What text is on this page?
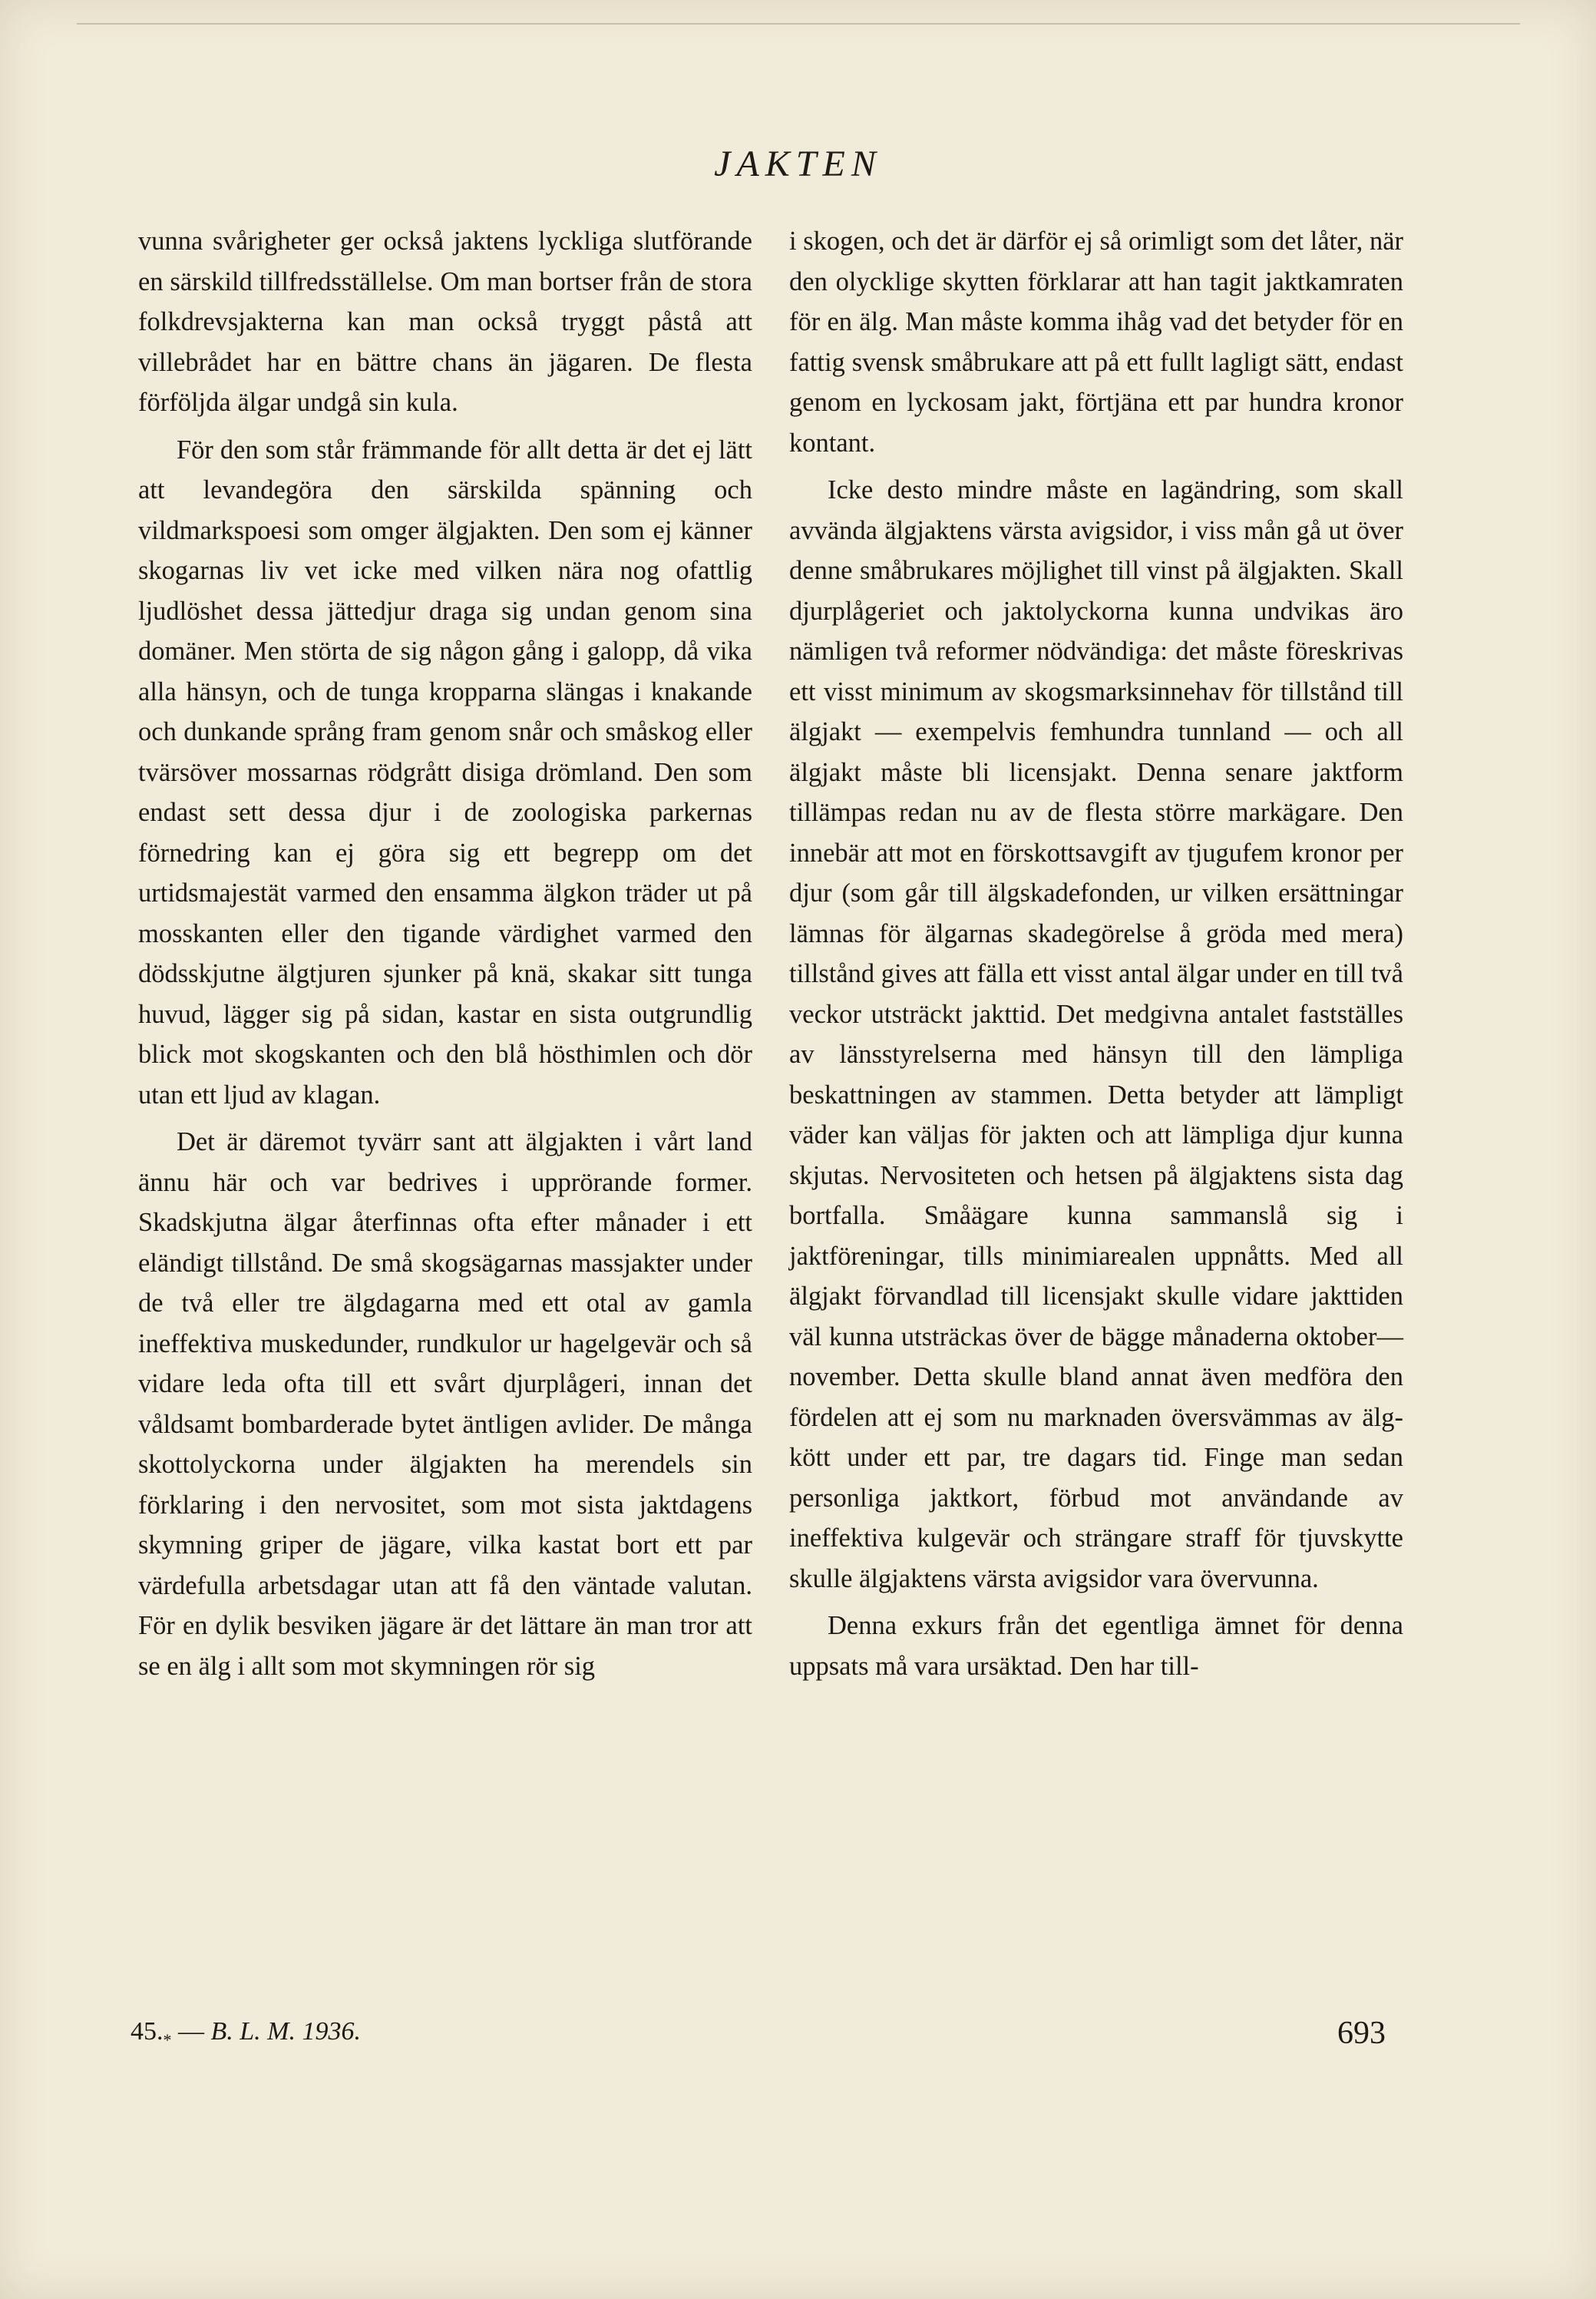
JAKTEN

vunna svårigheter ger också jaktens lyckliga slutförande en särskild tillfredsställelse. Om man bortser från de stora folkdrevsjakterna kan man också tryggt påstå att villebrådet har en bättre chans än jägaren. De flesta förföljda älgar undgå sin kula.

För den som står främmande för allt detta är det ej lätt att levandegöra den särskilda spänning och vildmarkspoesi som omger älgjakten. Den som ej känner skogarnas liv vet icke med vilken nära nog ofattlig ljudlöshet dessa jättedjur draga sig undan genom sina domäner. Men störta de sig någon gång i galopp, då vika alla hänsyn, och de tunga kropparna slängas i knakande och dunkande språng fram genom snår och småskog eller tvärsöver mossarnas rödgrått disiga drömland. Den som endast sett dessa djur i de zoologiska parkernas förnedring kan ej göra sig ett begrepp om det urtidsmajestät varmed den ensamma älgkon träder ut på mosskanten eller den tigande värdighet varmed den dödsskjutne älgtjuren sjunker på knä, skakar sitt tunga huvud, lägger sig på sidan, kastar en sista outgrundlig blick mot skogskanten och den blå hösthimlen och dör utan ett ljud av klagan.

Det är däremot tyvärr sant att älgjakten i vårt land ännu här och var bedrives i upprörande former. Skadskjutna älgar återfinnas ofta efter månader i ett eländigt tillstånd. De små skogsägarnas massjakter under de två eller tre älgdagarna med ett otal av gamla ineffektiva muskedunder, rundkulor ur hagelgevär och så vidare leda ofta till ett svårt djurplågeri, innan det våldsamt bombarderade bytet äntligen avlider. De många skottolyckorna under älgjakten ha merendels sin förklaring i den nervositet, som mot sista jaktdagens skymning griper de jägare, vilka kastat bort ett par värdefulla arbetsdagar utan att få den väntade valutan. För en dylik besviken jägare är det lättare än man tror att se en älg i allt som mot skymningen rör sig

i skogen, och det är därför ej så orimligt som det låter, när den olycklige skytten förklarar att han tagit jaktkamraten för en älg. Man måste komma ihåg vad det betyder för en fattig svensk småbrukare att på ett fullt lagligt sätt, endast genom en lyckosam jakt, förtjäna ett par hundra kronor kontant.

Icke desto mindre måste en lagändring, som skall avvända älgjaktens värsta avigsidor, i viss mån gå ut över denne småbrukares möjlighet till vinst på älgjakten. Skall djurplågeriet och jaktolyckorna kunna undvikas äro nämligen två reformer nödvändiga: det måste föreskrivas ett visst minimum av skogsmarksinnehav för tillstånd till älgjakt — exempelvis femhundra tunnland — och all älgjakt måste bli licensjakt. Denna senare jaktform tillämpas redan nu av de flesta större markägare. Den innebär att mot en förskottsavgift av tjugufem kronor per djur (som går till älgskadefonden, ur vilken ersättningar lämnas för älgarnas skadegörelse å gröda med mera) tillstånd gives att fälla ett visst antal älgar under en till två veckor utsträckt jakttid. Det medgivna antalet fastställes av länsstyrelserna med hänsyn till den lämpliga beskattningen av stammen. Detta betyder att lämpligt väder kan väljas för jakten och att lämpliga djur kunna skjutas. Nervositeten och hetsen på älgjaktens sista dag bortfalla. Småägare kunna sammanslå sig i jaktföreningar, tills minimiarealen uppnåtts. Med all älgjakt förvandlad till licensjakt skulle vidare jakttiden väl kunna utsträckas över de bägge månaderna oktober—november. Detta skulle bland annat även medföra den fördelen att ej som nu marknaden översvämmas av älgkött under ett par, tre dagars tid. Finge man sedan personliga jaktkort, förbud mot användande av ineffektiva kulgevär och strängare straff för tjuvskytte skulle älgjaktens värsta avigsidor vara övervunna.

Denna exkurs från det egentliga ämnet för denna uppsats må vara ursäktad. Den har till-

$45._*$ — B. L. M. 1936.	693
